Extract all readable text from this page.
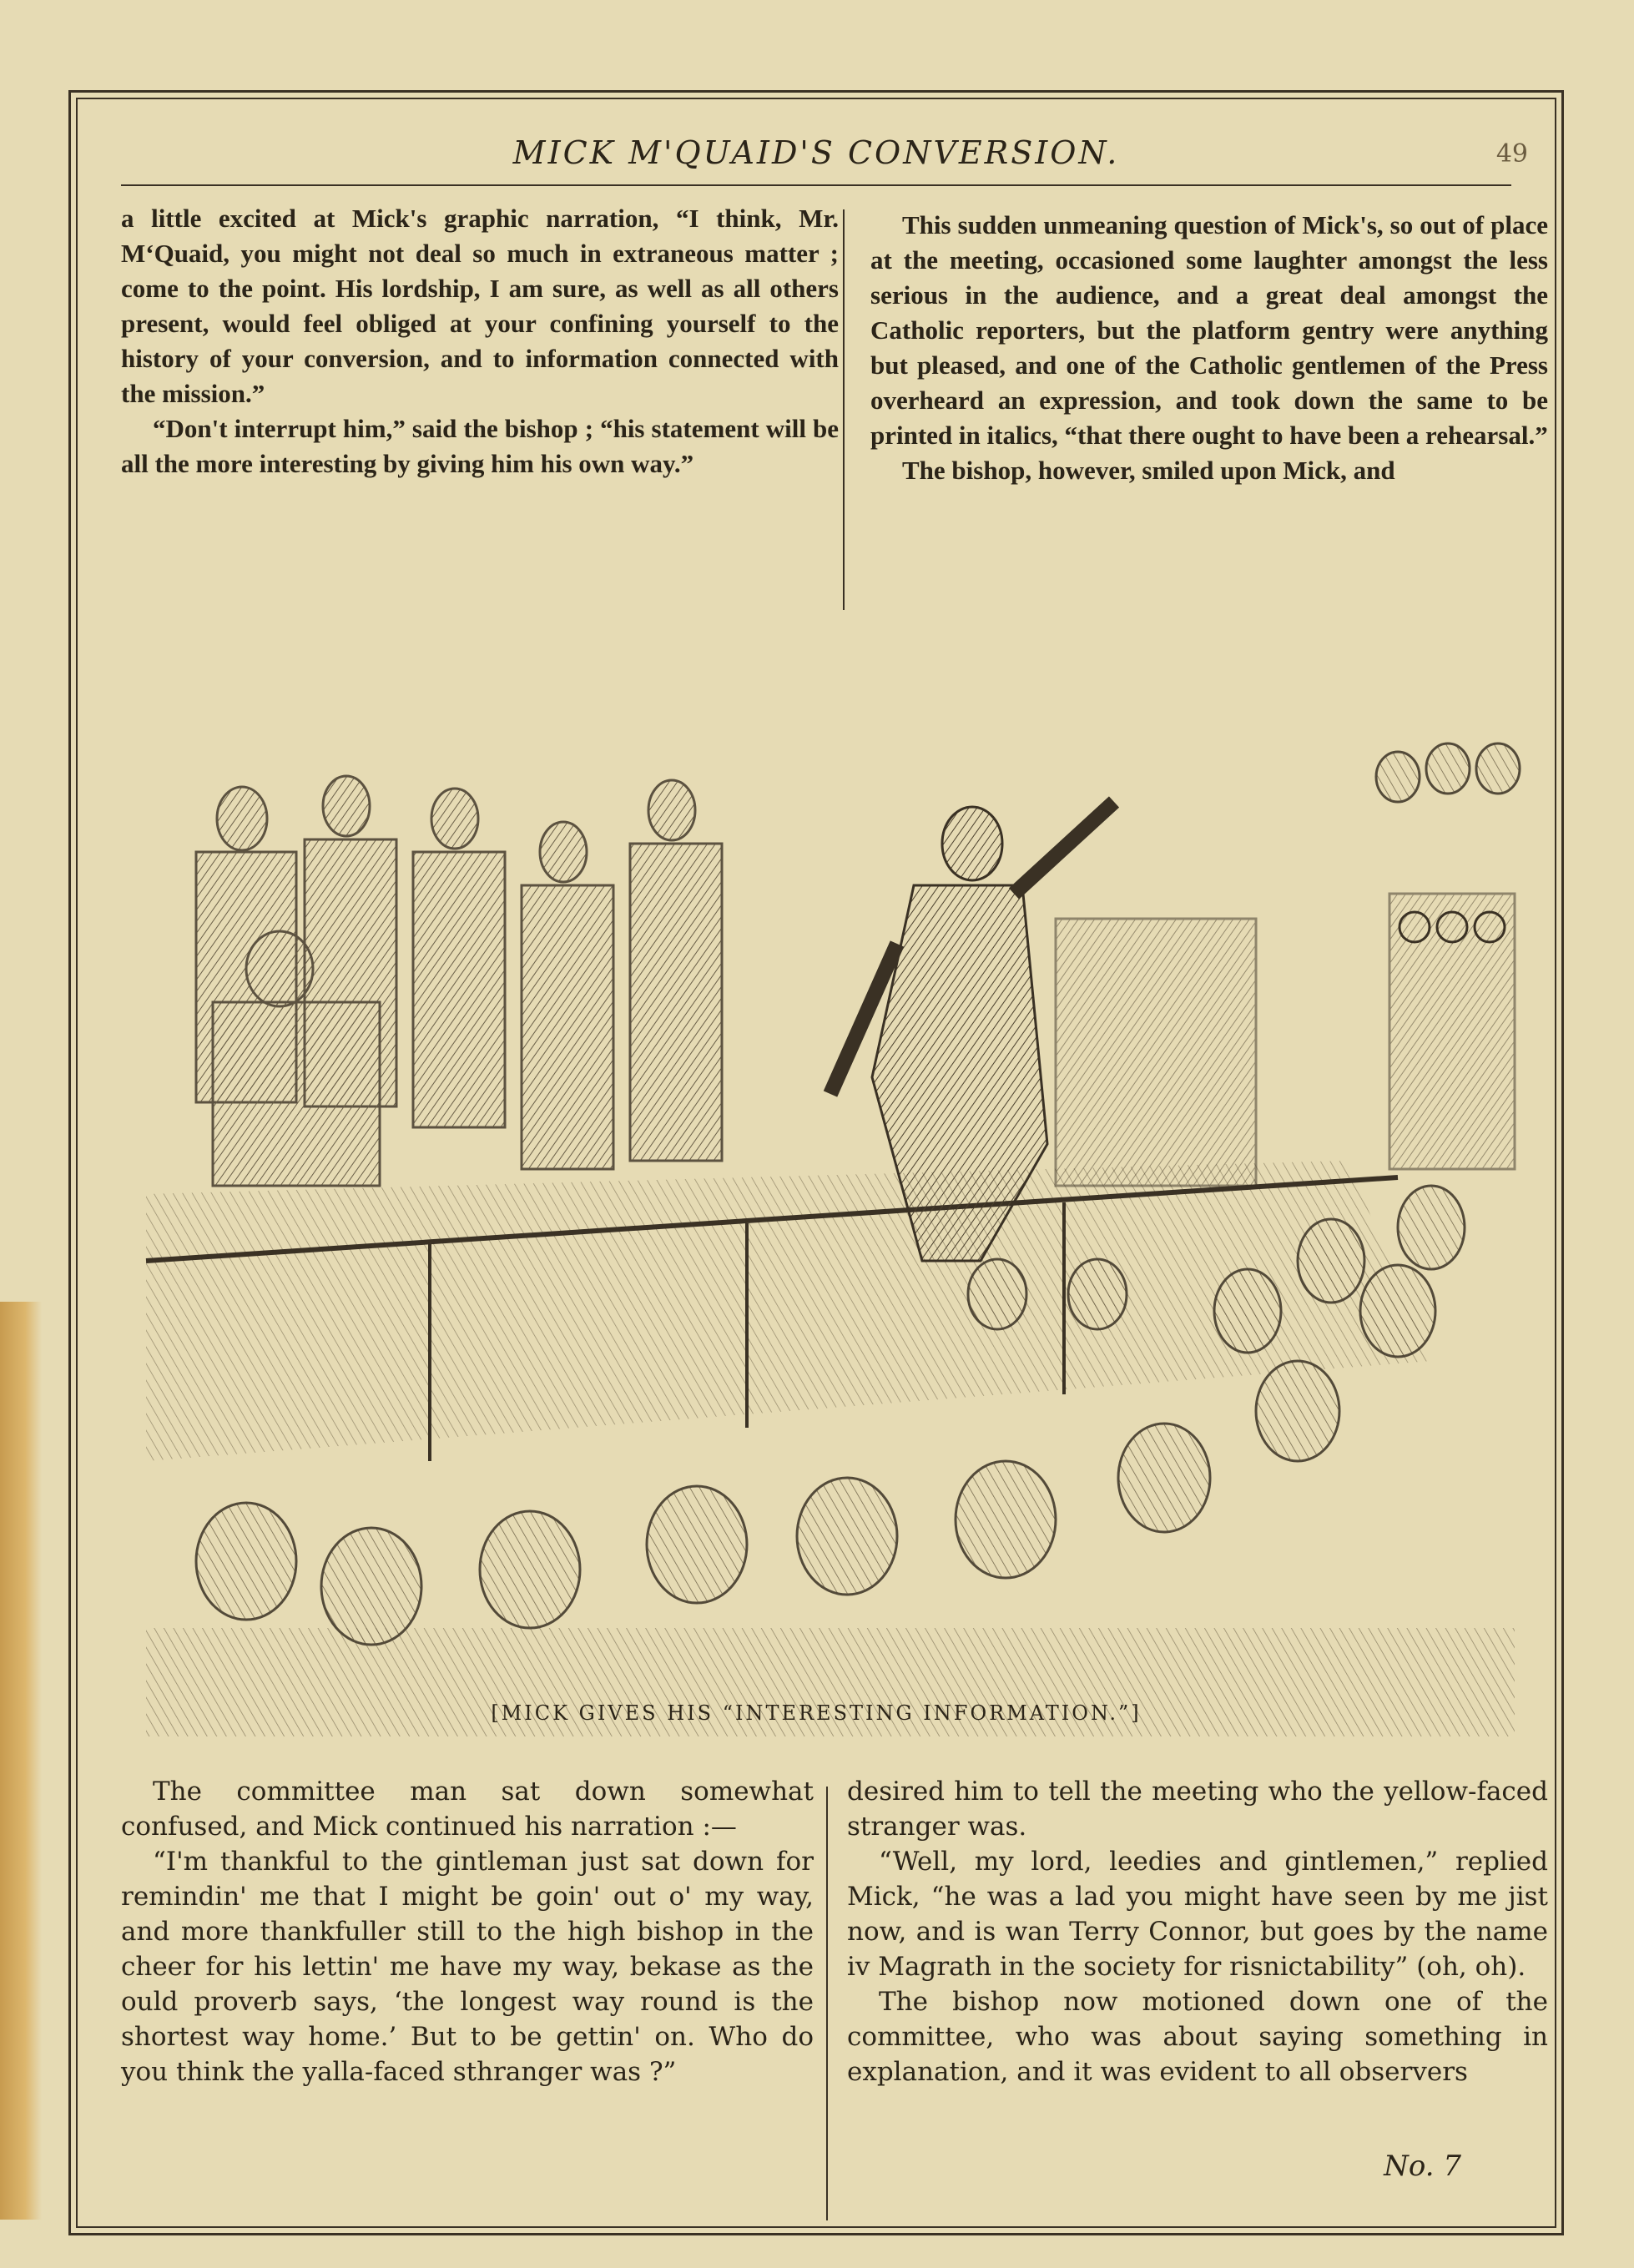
MICK M'QUAID'S CONVERSION.	49

a little excited at Mick's graphic narration, “I think, Mr. M‘Quaid, you might not deal so much in extraneous matter ; come to the point. His lordship, I am sure, as well as all others present, would feel obliged at your confining yourself to the history of your conversion, and to information connected with the mission.”

“Don't interrupt him,” said the bishop ; “his statement will be all the more interesting by giving him his own way.”

This sudden unmeaning question of Mick's, so out of place at the meeting, occasioned some laughter amongst the less serious in the audience, and a great deal amongst the Catholic reporters, but the platform gentry were anything but pleased, and one of the Catholic gentlemen of the Press overheard an expression, and took down the same to be printed in italics, “that there ought to have been a rehearsal.”

The bishop, however, smiled upon Mick, and

[MICK GIVES HIS “INTERESTING INFORMATION.”]

The committee man sat down somewhat confused, and Mick continued his narration :—

“I'm thankful to the gintleman just sat down for remindin' me that I might be goin' out o' my way, and more thankfuller still to the high bishop in the cheer for his lettin' me have my way, bekase as the ould proverb says, ‘the longest way round is the shortest way home.’ But to be gettin' on. Who do you think the yalla-faced sthranger was ?”

desired him to tell the meeting who the yellow-faced stranger was.

“Well, my lord, leedies and gintlemen,” replied Mick, “he was a lad you might have seen by me jist now, and is wan Terry Connor, but goes by the name iv Magrath in the society for risnictability” (oh, oh).

The bishop now motioned down one of the committee, who was about saying something in explanation, and it was evident to all observers

No. 7
